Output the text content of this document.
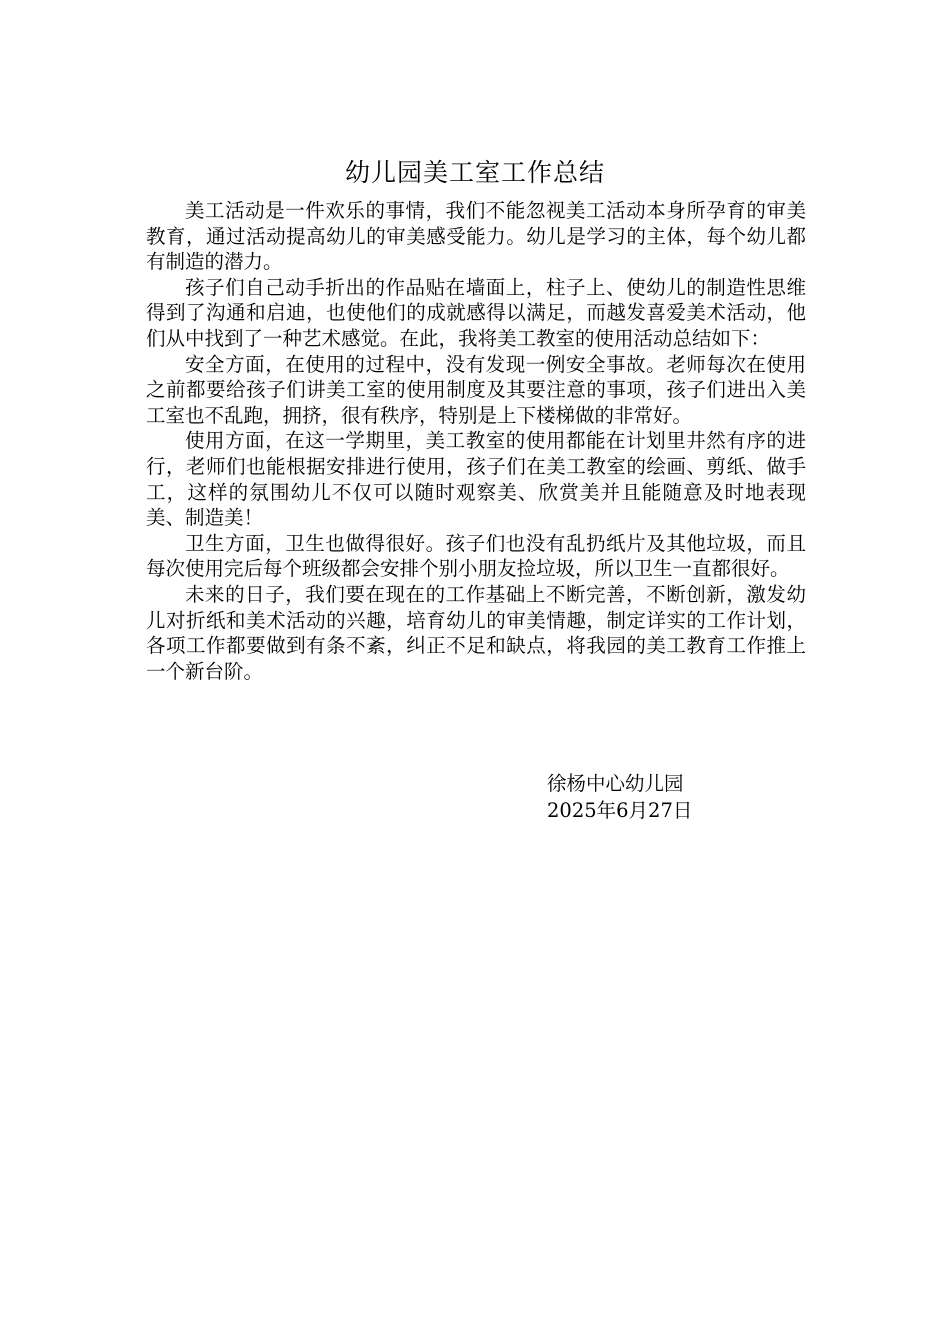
幼儿园美工室工作总结

美工活动是一件欢乐的事情，我们不能忽视美工活动本身所孕育的审美教育，通过活动提高幼儿的审美感受能力。幼儿是学习的主体，每个幼儿都有制造的潜力。

孩子们自己动手折出的作品贴在墙面上，柱子上、使幼儿的制造性思维得到了沟通和启迪，也使他们的成就感得以满足，而越发喜爱美术活动，他们从中找到了一种艺术感觉。在此，我将美工教室的使用活动总结如下：

安全方面，在使用的过程中，没有发现一例安全事故。老师每次在使用之前都要给孩子们讲美工室的使用制度及其要注意的事项，孩子们进出入美工室也不乱跑，拥挤，很有秩序，特别是上下楼梯做的非常好。

使用方面，在这一学期里，美工教室的使用都能在计划里井然有序的进行，老师们也能根据安排进行使用，孩子们在美工教室的绘画、剪纸、做手工，这样的氛围幼儿不仅可以随时观察美、欣赏美并且能随意及时地表现美、制造美！

卫生方面，卫生也做得很好。孩子们也没有乱扔纸片及其他垃圾，而且每次使用完后每个班级都会安排个别小朋友捡垃圾，所以卫生一直都很好。

未来的日子，我们要在现在的工作基础上不断完善，不断创新，激发幼儿对折纸和美术活动的兴趣，培育幼儿的审美情趣，制定详实的工作计划，各项工作都要做到有条不紊，纠正不足和缺点，将我园的美工教育工作推上一个新台阶。

徐杨中心幼儿园
2025年6月27日
